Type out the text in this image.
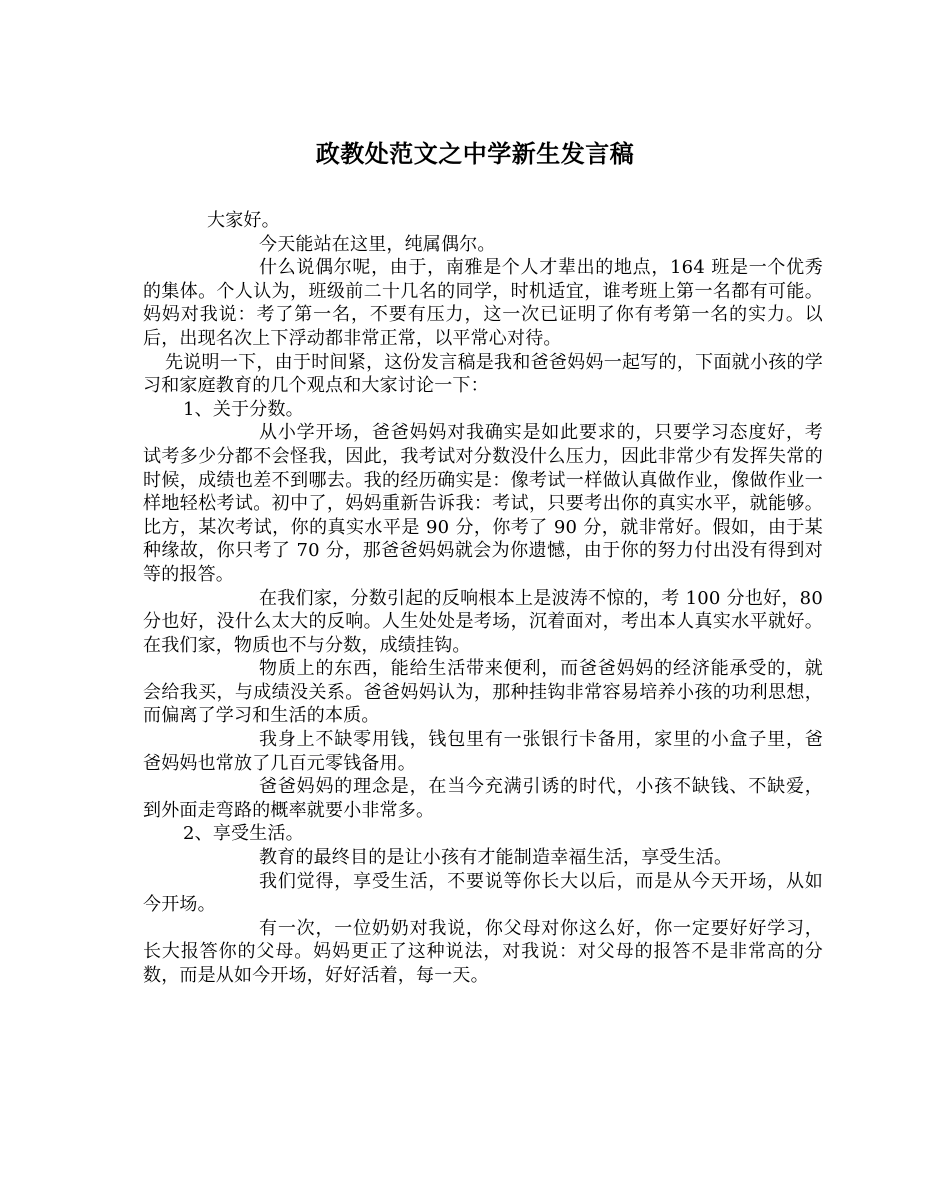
政教处范文之中学新生发言稿

大家好。

今天能站在这里，纯属偶尔。

什么说偶尔呢，由于，南雅是个人才辈出的地点，164 班是一个优秀的集体。个人认为，班级前二十几名的同学，时机适宜，谁考班上第一名都有可能。妈妈对我说：考了第一名，不要有压力，这一次已证明了你有考第一名的实力。以后，出现名次上下浮动都非常正常，以平常心对待。

先说明一下，由于时间紧，这份发言稿是我和爸爸妈妈一起写的，下面就小孩的学习和家庭教育的几个观点和大家讨论一下：

1、关于分数。

从小学开场，爸爸妈妈对我确实是如此要求的，只要学习态度好，考试考多少分都不会怪我，因此，我考试对分数没什么压力，因此非常少有发挥失常的时候，成绩也差不到哪去。我的经历确实是：像考试一样做认真做作业，像做作业一样地轻松考试。初中了，妈妈重新告诉我：考试，只要考出你的真实水平，就能够。比方，某次考试，你的真实水平是 90 分，你考了 90 分，就非常好。假如，由于某种缘故，你只考了 70 分，那爸爸妈妈就会为你遗憾，由于你的努力付出没有得到对等的报答。

在我们家，分数引起的反响根本上是波涛不惊的，考 100 分也好，80 分也好，没什么太大的反响。人生处处是考场，沉着面对，考出本人真实水平就好。在我们家，物质也不与分数，成绩挂钩。

物质上的东西，能给生活带来便利，而爸爸妈妈的经济能承受的，就会给我买，与成绩没关系。爸爸妈妈认为，那种挂钩非常容易培养小孩的功利思想，而偏离了学习和生活的本质。

我身上不缺零用钱，钱包里有一张银行卡备用，家里的小盒子里，爸爸妈妈也常放了几百元零钱备用。

爸爸妈妈的理念是，在当今充满引诱的时代，小孩不缺钱、不缺爱，到外面走弯路的概率就要小非常多。

2、享受生活。

教育的最终目的是让小孩有才能制造幸福生活，享受生活。

我们觉得，享受生活，不要说等你长大以后，而是从今天开场，从如今开场。

有一次，一位奶奶对我说，你父母对你这么好，你一定要好好学习，长大报答你的父母。妈妈更正了这种说法，对我说：对父母的报答不是非常高的分数，而是从如今开场，好好活着，每一天。
